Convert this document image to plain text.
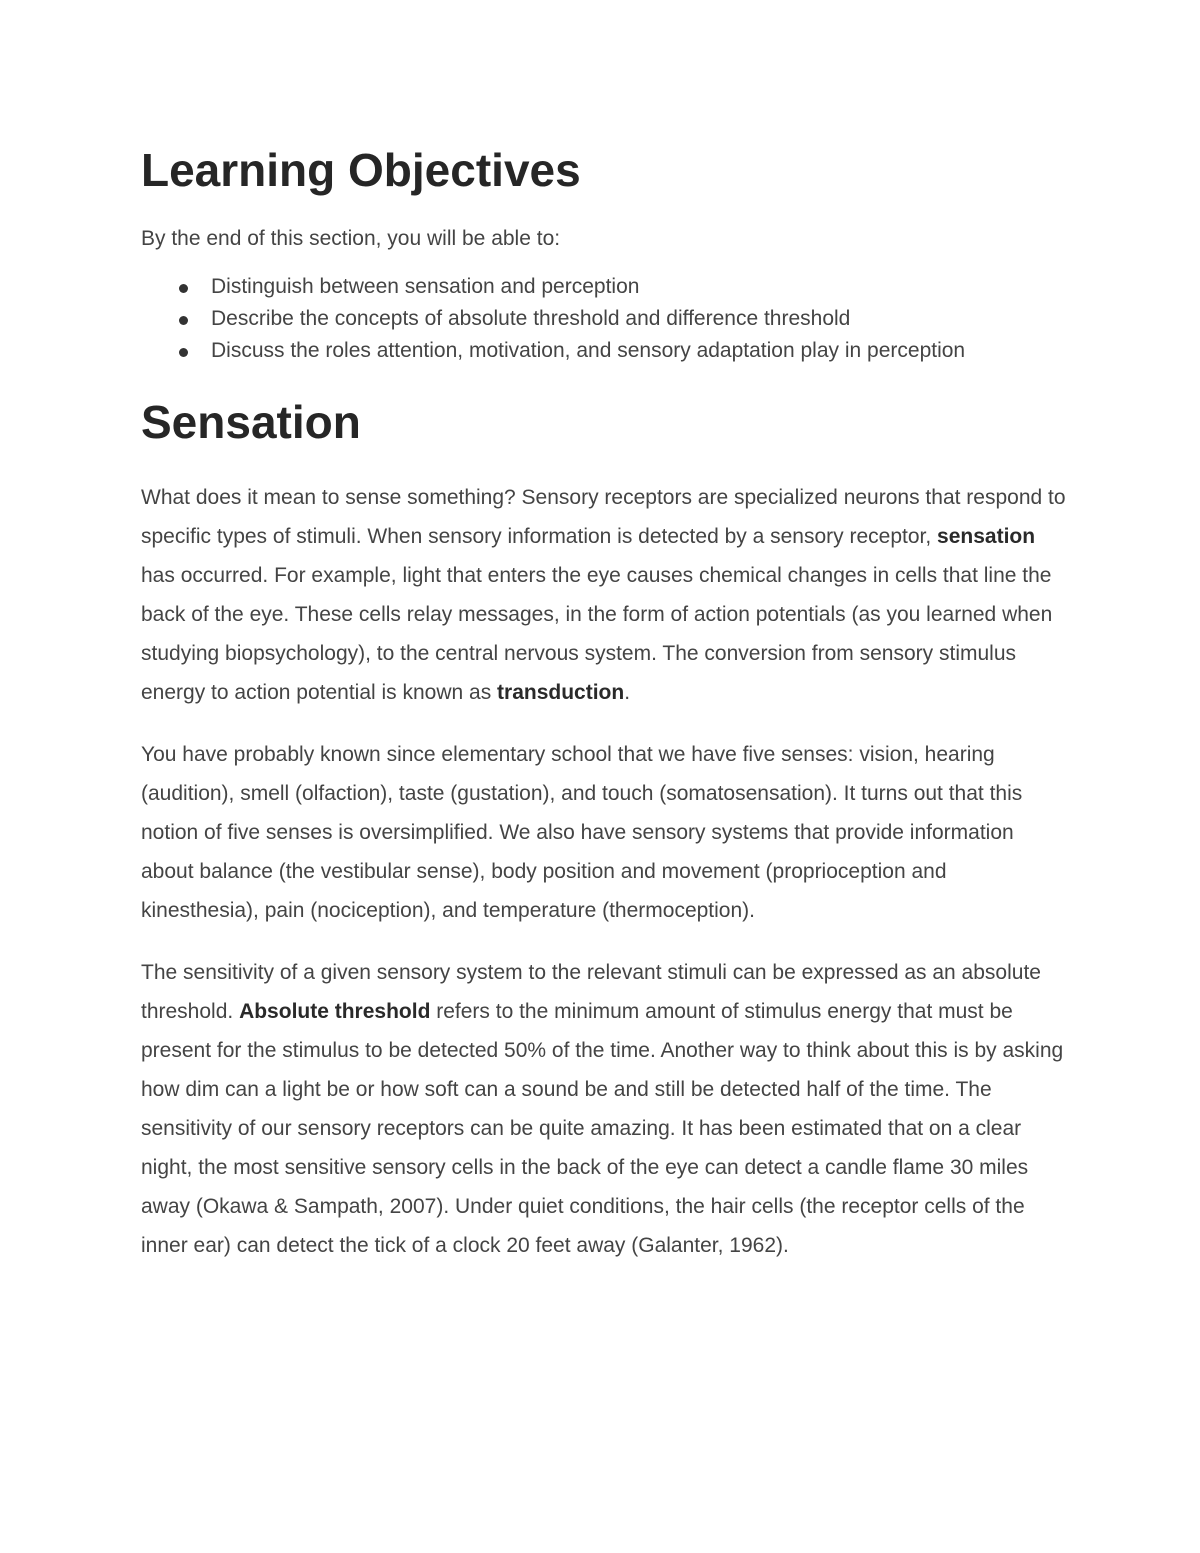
Learning Objectives

By the end of this section, you will be able to:

Distinguish between sensation and perception
Describe the concepts of absolute threshold and difference threshold
Discuss the roles attention, motivation, and sensory adaptation play in perception
Sensation

What does it mean to sense something? Sensory receptors are specialized neurons that respond to specific types of stimuli. When sensory information is detected by a sensory receptor, sensation has occurred. For example, light that enters the eye causes chemical changes in cells that line the back of the eye. These cells relay messages, in the form of action potentials (as you learned when studying biopsychology), to the central nervous system. The conversion from sensory stimulus energy to action potential is known as transduction.

You have probably known since elementary school that we have five senses: vision, hearing (audition), smell (olfaction), taste (gustation), and touch (somatosensation). It turns out that this notion of five senses is oversimplified. We also have sensory systems that provide information about balance (the vestibular sense), body position and movement (proprioception and kinesthesia), pain (nociception), and temperature (thermoception).

The sensitivity of a given sensory system to the relevant stimuli can be expressed as an absolute threshold. Absolute threshold refers to the minimum amount of stimulus energy that must be present for the stimulus to be detected 50% of the time. Another way to think about this is by asking how dim can a light be or how soft can a sound be and still be detected half of the time. The sensitivity of our sensory receptors can be quite amazing. It has been estimated that on a clear night, the most sensitive sensory cells in the back of the eye can detect a candle flame 30 miles away (Okawa & Sampath, 2007). Under quiet conditions, the hair cells (the receptor cells of the inner ear) can detect the tick of a clock 20 feet away (Galanter, 1962).
